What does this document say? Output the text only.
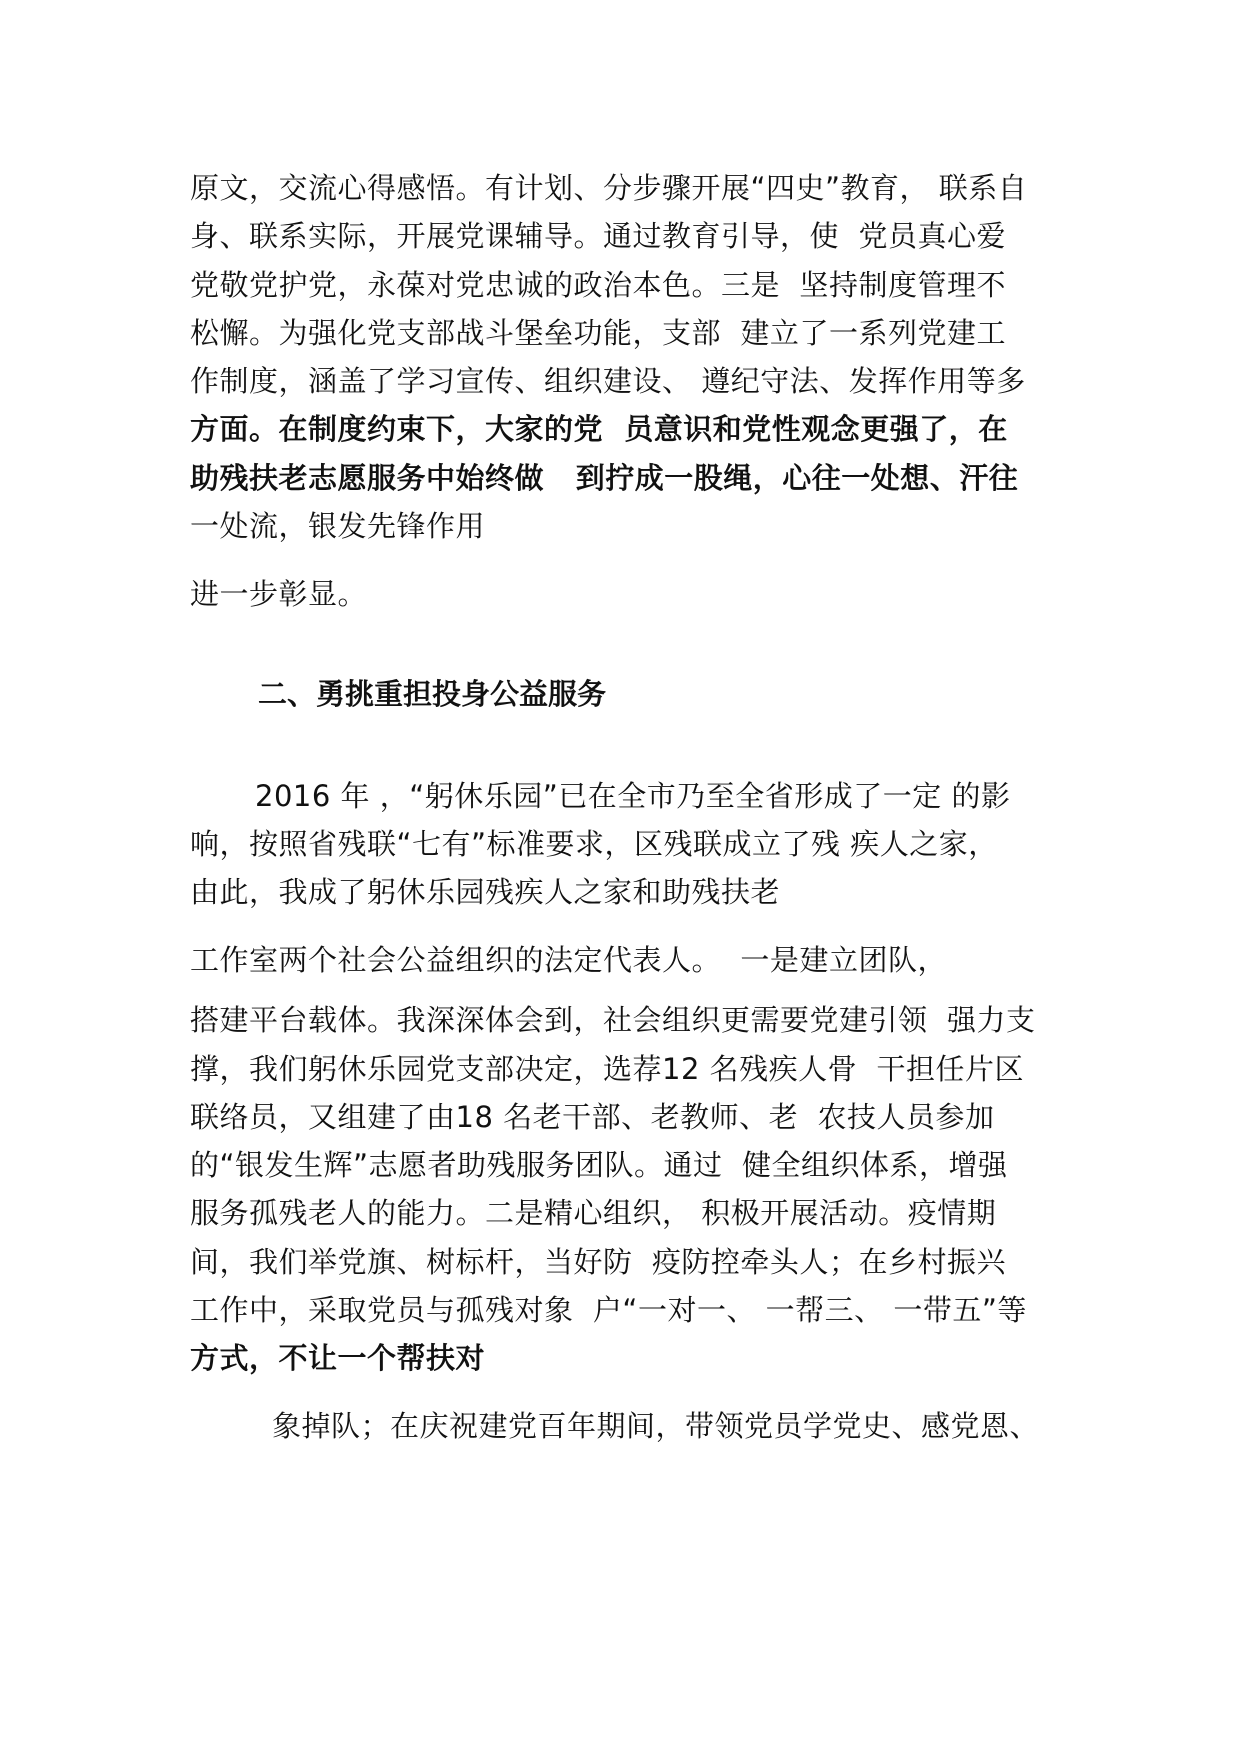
原文，交流心得感悟。有计划、分步骤开展“四史”教育， 联系自
身、联系实际，开展党课辅导。通过教育引导，使  党员真心爱
党敬党护党，永葆对党忠诚的政治本色。三是  坚持制度管理不
松懈。为强化党支部战斗堡垒功能，支部  建立了一系列党建工
作制度，涵盖了学习宣传、组织建设、 遵纪守法、发挥作用等多
方面。在制度约束下，大家的党  员意识和党性观念更强了，在
助残扶老志愿服务中始终做   到拧成一股绳，心往一处想、汗往
一处流，银发先锋作用
进一步彰显。
二、勇挑重担投身公益服务
2016 年 ，“躬休乐园”已在全市乃至全省形成了一定 的影
响，按照省残联“七有”标准要求，区残联成立了残 疾人之家，
由此，我成了躬休乐园残疾人之家和助残扶老
工作室两个社会公益组织的法定代表人。  一是建立团队，
搭建平台载体。我深深体会到，社会组织更需要党建引领  强力支
撑，我们躬休乐园党支部决定，选荐12 名残疾人骨  干担任片区
联络员，又组建了由18 名老干部、老教师、老  农技人员参加
的“银发生辉”志愿者助残服务团队。通过  健全组织体系，增强
服务孤残老人的能力。二是精心组织， 积极开展活动。疫情期
间，我们举党旗、树标杆，当好防  疫防控牵头人；在乡村振兴
工作中，采取党员与孤残对象  户“一对一、 一帮三、 一带五”等
方式，不让一个帮扶对
象掉队；在庆祝建党百年期间，带领党员学党史、感党恩、
